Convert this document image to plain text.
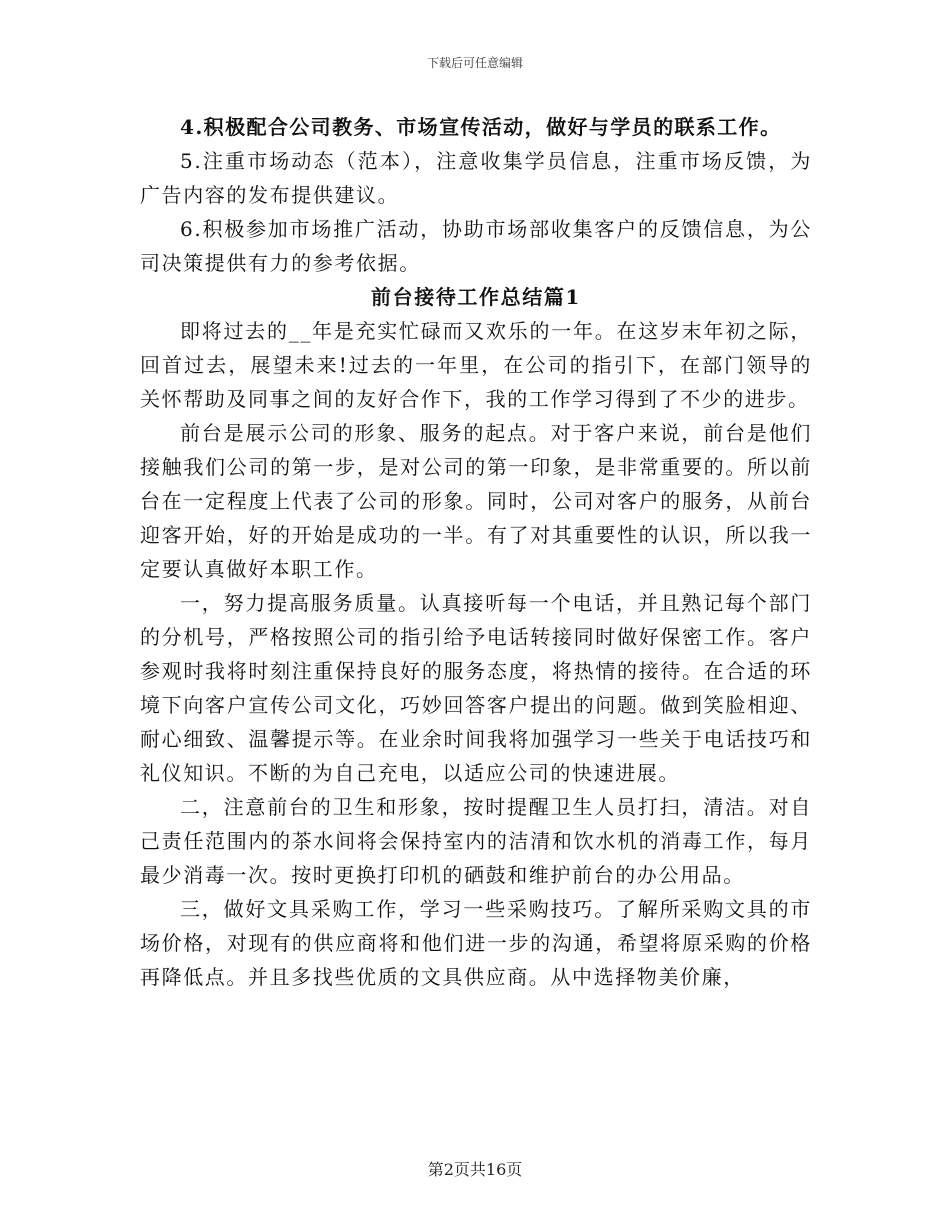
下载后可任意编辑

4.积极配合公司教务、市场宣传活动，做好与学员的联系工作。

5.注重市场动态（范本），注意收集学员信息，注重市场反馈，为广告内容的发布提供建议。

6.积极参加市场推广活动，协助市场部收集客户的反馈信息，为公司决策提供有力的参考依据。

前台接待工作总结篇1

即将过去的__年是充实忙碌而又欢乐的一年。在这岁末年初之际，回首过去，展望未来!过去的一年里，在公司的指引下，在部门领导的关怀帮助及同事之间的友好合作下，我的工作学习得到了不少的进步。

前台是展示公司的形象、服务的起点。对于客户来说，前台是他们接触我们公司的第一步，是对公司的第一印象，是非常重要的。所以前台在一定程度上代表了公司的形象。同时，公司对客户的服务，从前台迎客开始，好的开始是成功的一半。有了对其重要性的认识，所以我一定要认真做好本职工作。

一，努力提高服务质量。认真接听每一个电话，并且熟记每个部门的分机号，严格按照公司的指引给予电话转接同时做好保密工作。客户参观时我将时刻注重保持良好的服务态度，将热情的接待。在合适的环境下向客户宣传公司文化，巧妙回答客户提出的问题。做到笑脸相迎、耐心细致、温馨提示等。在业余时间我将加强学习一些关于电话技巧和礼仪知识。不断的为自己充电，以适应公司的快速进展。

二，注意前台的卫生和形象，按时提醒卫生人员打扫，清洁。对自己责任范围内的茶水间将会保持室内的洁清和饮水机的消毒工作，每月最少消毒一次。按时更换打印机的硒鼓和维护前台的办公用品。

三，做好文具采购工作，学习一些采购技巧。了解所采购文具的市场价格，对现有的供应商将和他们进一步的沟通，希望将原采购的价格再降低点。并且多找些优质的文具供应商。从中选择物美价廉，

第2页共16页
